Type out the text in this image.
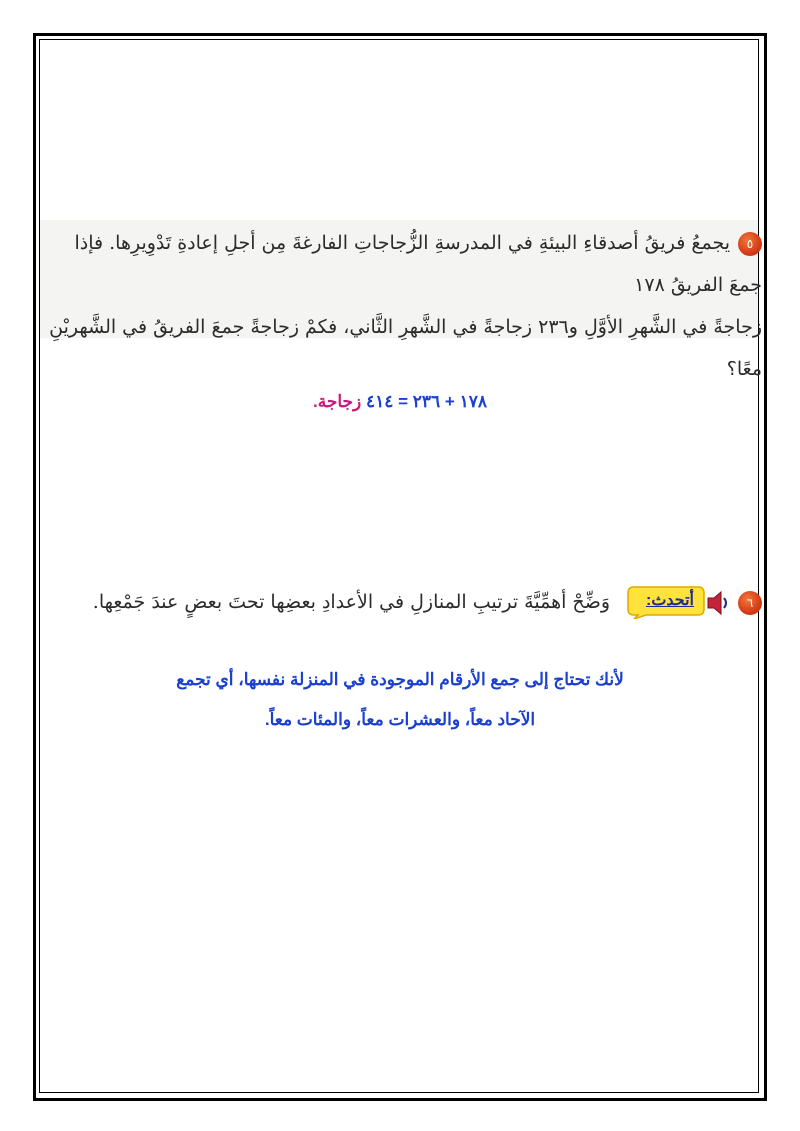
٥يجمعُ فريقُ أصدقاءِ البيئةِ في المدرسةِ الزُّجاجاتِ الفارغةَ مِن أجلِ إعادةِ تَدْوِيرِها. فإذا جمعَ الفريقُ ١٧٨
زجاجةً في الشَّهرِ الأوَّلِ و٢٣٦ زجاجةً في الشَّهرِ الثَّاني، فكمْ زجاجةً جمعَ الفريقُ في الشَّهريْنِ معًا؟
١٧٨ + ٢٣٦ = ٤١٤ زجاجة.
٦
أتحدث:
وَضِّحْ أهمِّيَّةَ ترتيبِ المنازلِ في الأعدادِ بعضِها تحتَ بعضٍ عندَ جَمْعِها.
لأنك تحتاج إلى جمع الأرقام الموجودة في المنزلة نفسها، أي تجمع
الآحاد معاً، والعشرات معاً، والمئات معاً.
